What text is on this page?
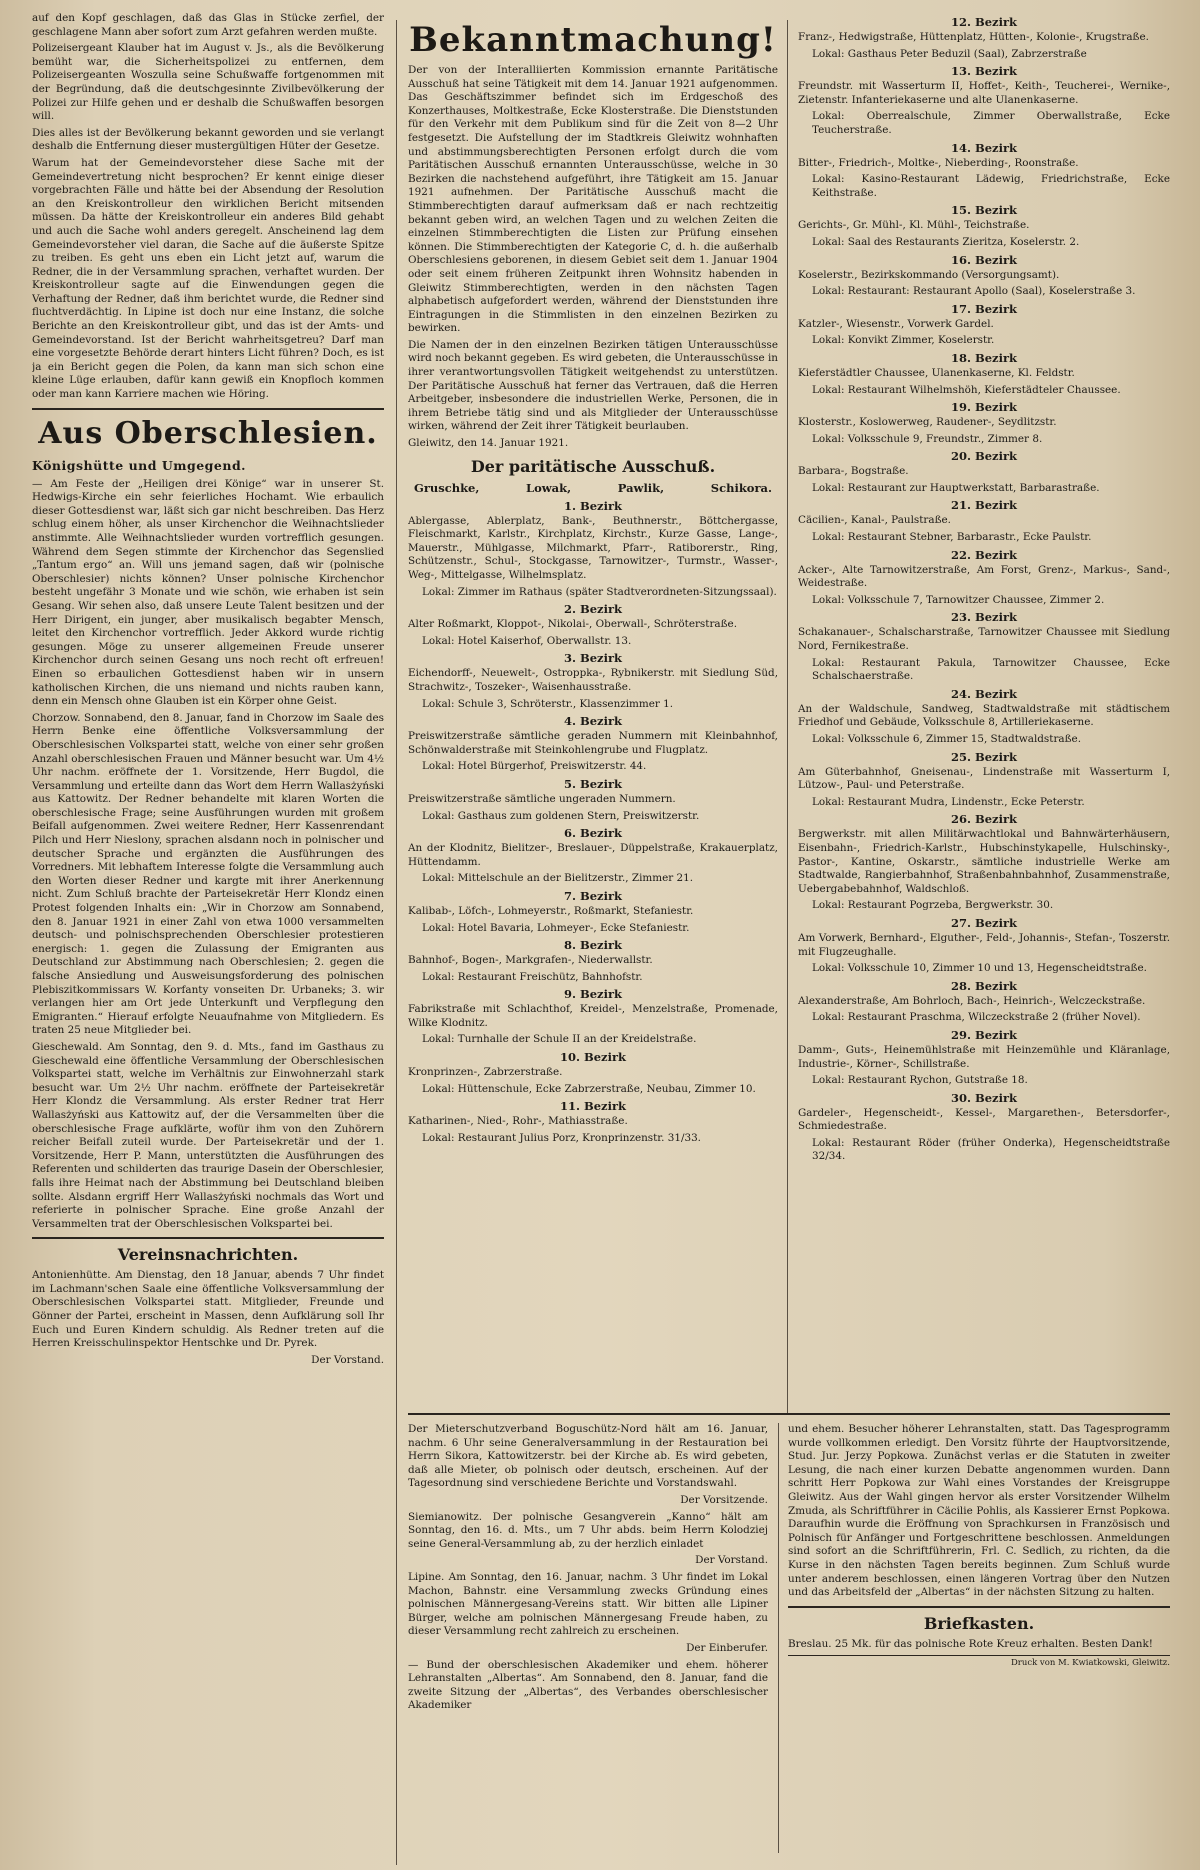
auf den Kopf geschlagen, daß das Glas in Stücke zerfiel, der geschlagene Mann aber sofort zum Arzt gefahren werden mußte.

Polizeisergeant Klauber hat im August v. Js., als die Bevölkerung bemüht war, die Sicherheitspolizei zu entfernen, dem Polizeisergeanten Woszulla seine Schußwaffe fortgenommen mit der Begründung, daß die deutschgesinnte Zivilbevölkerung der Polizei zur Hilfe gehen und er deshalb die Schußwaffen besorgen will.

Dies alles ist der Bevölkerung bekannt geworden und sie verlangt deshalb die Entfernung dieser mustergültigen Hüter der Gesetze.

Warum hat der Gemeindevorsteher diese Sache mit der Gemeindevertretung nicht besprochen? Er kennt einige dieser vorgebrachten Fälle und hätte bei der Absendung der Resolution an den Kreiskontrolleur den wirklichen Bericht mitsenden müssen. Da hätte der Kreiskontrolleur ein anderes Bild gehabt und auch die Sache wohl anders geregelt. Anscheinend lag dem Gemeindevorsteher viel daran, die Sache auf die äußerste Spitze zu treiben. Es geht uns eben ein Licht jetzt auf, warum die Redner, die in der Versammlung sprachen, verhaftet wurden. Der Kreiskontrolleur sagte auf die Einwendungen gegen die Verhaftung der Redner, daß ihm berichtet wurde, die Redner sind fluchtverdächtig. In Lipine ist doch nur eine Instanz, die solche Berichte an den Kreiskontrolleur gibt, und das ist der Amts- und Gemeindevorstand. Ist der Bericht wahrheitsgetreu? Darf man eine vorgesetzte Behörde derart hinters Licht führen? Doch, es ist ja ein Bericht gegen die Polen, da kann man sich schon eine kleine Lüge erlauben, dafür kann gewiß ein Knopfloch kommen oder man kann Karriere machen wie Höring.

Aus Oberschlesien.
Königshütte und Umgegend.

— Am Feste der „Heiligen drei Könige“ war in unserer St. Hedwigs-Kirche ein sehr feierliches Hochamt. Wie erbaulich dieser Gottesdienst war, läßt sich gar nicht beschreiben. Das Herz schlug einem höher, als unser Kirchenchor die Weihnachtslieder anstimmte. Alle Weihnachtslieder wurden vortrefflich gesungen. Während dem Segen stimmte der Kirchenchor das Segenslied „Tantum ergo“ an. Will uns jemand sagen, daß wir (polnische Oberschlesier) nichts können? Unser polnische Kirchenchor besteht ungefähr 3 Monate und wie schön, wie erhaben ist sein Gesang. Wir sehen also, daß unsere Leute Talent besitzen und der Herr Dirigent, ein junger, aber musikalisch begabter Mensch, leitet den Kirchenchor vortrefflich. Jeder Akkord wurde richtig gesungen. Möge zu unserer allgemeinen Freude unserer Kirchenchor durch seinen Gesang uns noch recht oft erfreuen! Einen so erbaulichen Gottesdienst haben wir in unsern katholischen Kirchen, die uns niemand und nichts rauben kann, denn ein Mensch ohne Glauben ist ein Körper ohne Geist.

Chorzow. Sonnabend, den 8. Januar, fand in Chorzow im Saale des Herrn Benke eine öffentliche Volksversammlung der Oberschlesischen Volkspartei statt, welche von einer sehr großen Anzahl oberschlesischen Frauen und Männer besucht war. Um 4½ Uhr nachm. eröffnete der 1. Vorsitzende, Herr Bugdol, die Versammlung und erteilte dann das Wort dem Herrn Wallasżyński aus Kattowitz. Der Redner behandelte mit klaren Worten die oberschlesische Frage; seine Ausführungen wurden mit großem Beifall aufgenommen. Zwei weitere Redner, Herr Kassenrendant Pilch und Herr Nieslony, sprachen alsdann noch in polnischer und deutscher Sprache und ergänzten die Ausführungen des Vorredners. Mit lebhaftem Interesse folgte die Versammlung auch den Worten dieser Redner und kargte mit ihrer Anerkennung nicht. Zum Schluß brachte der Parteisekretär Herr Klondz einen Protest folgenden Inhalts ein: „Wir in Chorzow am Sonnabend, den 8. Januar 1921 in einer Zahl von etwa 1000 versammelten deutsch- und polnischsprechenden Oberschlesier protestieren energisch: 1. gegen die Zulassung der Emigranten aus Deutschland zur Abstimmung nach Oberschlesien; 2. gegen die falsche Ansiedlung und Ausweisungsforderung des polnischen Plebiszitkommissars W. Korfanty vonseiten Dr. Urbaneks; 3. wir verlangen hier am Ort jede Unterkunft und Verpflegung den Emigranten.“ Hierauf erfolgte Neuaufnahme von Mitgliedern. Es traten 25 neue Mitglieder bei.

Gieschewald. Am Sonntag, den 9. d. Mts., fand im Gasthaus zu Gieschewald eine öffentliche Versammlung der Oberschlesischen Volkspartei statt, welche im Verhältnis zur Einwohnerzahl stark besucht war. Um 2½ Uhr nachm. eröffnete der Parteisekretär Herr Klondz die Versammlung. Als erster Redner trat Herr Wallasżyński aus Kattowitz auf, der die Versammelten über die oberschlesische Frage aufklärte, wofür ihm von den Zuhörern reicher Beifall zuteil wurde. Der Parteisekretär und der 1. Vorsitzende, Herr P. Mann, unterstützten die Ausführungen des Referenten und schilderten das traurige Dasein der Oberschlesier, falls ihre Heimat nach der Abstimmung bei Deutschland bleiben sollte. Alsdann ergriff Herr Wallasżyński nochmals das Wort und referierte in polnischer Sprache. Eine große Anzahl der Versammelten trat der Oberschlesischen Volkspartei bei.

Vereinsnachrichten.

Antonienhütte. Am Dienstag, den 18 Januar, abends 7 Uhr findet im Lachmann'schen Saale eine öffentliche Volksversammlung der Oberschlesischen Volkspartei statt. Mitglieder, Freunde und Gönner der Partei, erscheint in Massen, denn Aufklärung soll Ihr Euch und Euren Kindern schuldig. Als Redner treten auf die Herren Kreisschulinspektor Hentschke und Dr. Pyrek.

Der Vorstand.

Bekanntmachung!

Der von der Interalliierten Kommission ernannte Paritätische Ausschuß hat seine Tätigkeit mit dem 14. Januar 1921 aufgenommen. Das Geschäftszimmer befindet sich im Erdgeschoß des Konzerthauses, Moltkestraße, Ecke Klosterstraße. Die Dienststunden für den Verkehr mit dem Publikum sind für die Zeit von 8—2 Uhr festgesetzt. Die Aufstellung der im Stadtkreis Gleiwitz wohnhaften und abstimmungsberechtigten Personen erfolgt durch die vom Paritätischen Ausschuß ernannten Unterausschüsse, welche in 30 Bezirken die nachstehend aufgeführt, ihre Tätigkeit am 15. Januar 1921 aufnehmen. Der Paritätische Ausschuß macht die Stimmberechtigten darauf aufmerksam daß er nach rechtzeitig bekannt geben wird, an welchen Tagen und zu welchen Zeiten die einzelnen Stimmberechtigten die Listen zur Prüfung einsehen können. Die Stimmberechtigten der Kategorie C, d. h. die außerhalb Oberschlesiens geborenen, in diesem Gebiet seit dem 1. Januar 1904 oder seit einem früheren Zeitpunkt ihren Wohnsitz habenden in Gleiwitz Stimmberechtigten, werden in den nächsten Tagen alphabetisch aufgefordert werden, während der Dienststunden ihre Eintragungen in die Stimmlisten in den einzelnen Bezirken zu bewirken.

Die Namen der in den einzelnen Bezirken tätigen Unterausschüsse wird noch bekannt gegeben. Es wird gebeten, die Unterausschüsse in ihrer verantwortungsvollen Tätigkeit weitgehendst zu unterstützen. Der Paritätische Ausschuß hat ferner das Vertrauen, daß die Herren Arbeitgeber, insbesondere die industriellen Werke, Personen, die in ihrem Betriebe tätig sind und als Mitglieder der Unterausschüsse wirken, während der Zeit ihrer Tätigkeit beurlauben.

Gleiwitz, den 14. Januar 1921.

Der paritätische Ausschuß.
Gruschke,	Lowak,	Pawlik,	Schikora.
1. Bezirk

Ablergasse, Ablerplatz, Bank-, Beuthnerstr., Böttchergasse, Fleischmarkt, Karlstr., Kirchplatz, Kirchstr., Kurze Gasse, Lange-, Mauerstr., Mühlgasse, Milchmarkt, Pfarr-, Ratiborerstr., Ring, Schützenstr., Schul-, Stockgasse, Tarnowitzer-, Turmstr., Wasser-, Weg-, Mittelgasse, Wilhelmsplatz.

Lokal: Zimmer im Rathaus (später Stadtverordneten-Sitzungssaal).

2. Bezirk

Alter Roßmarkt, Kloppot-, Nikolai-, Oberwall-, Schröterstraße.

Lokal: Hotel Kaiserhof, Oberwallstr. 13.

3. Bezirk

Eichendorff-, Neuewelt-, Ostroppka-, Rybnikerstr. mit Siedlung Süd, Strachwitz-, Toszeker-, Waisenhausstraße.

Lokal: Schule 3, Schröterstr., Klassenzimmer 1.

4. Bezirk

Preiswitzerstraße sämtliche geraden Nummern mit Kleinbahnhof, Schönwalderstraße mit Steinkohlengrube und Flugplatz.

Lokal: Hotel Bürgerhof, Preiswitzerstr. 44.

5. Bezirk

Preiswitzerstraße sämtliche ungeraden Nummern.

Lokal: Gasthaus zum goldenen Stern, Preiswitzerstr.

6. Bezirk

An der Klodnitz, Bielitzer-, Breslauer-, Düppelstraße, Krakauerplatz, Hüttendamm.

Lokal: Mittelschule an der Bielitzerstr., Zimmer 21.

7. Bezirk

Kalibab-, Löfch-, Lohmeyerstr., Roßmarkt, Stefaniestr.

Lokal: Hotel Bavaria, Lohmeyer-, Ecke Stefaniestr.

8. Bezirk

Bahnhof-, Bogen-, Markgrafen-, Niederwallstr.

Lokal: Restaurant Freischütz, Bahnhofstr.

9. Bezirk

Fabrikstraße mit Schlachthof, Kreidel-, Menzelstraße, Promenade, Wilke Klodnitz.

Lokal: Turnhalle der Schule II an der Kreidelstraße.

10. Bezirk

Kronprinzen-, Zabrzerstraße.

Lokal: Hüttenschule, Ecke Zabrzerstraße, Neubau, Zimmer 10.

11. Bezirk

Katharinen-, Nied-, Rohr-, Mathiasstraße.

Lokal: Restaurant Julius Porz, Kronprinzenstr. 31/33.

12. Bezirk

Franz-, Hedwigstraße, Hüttenplatz, Hütten-, Kolonie-, Krugstraße.

Lokal: Gasthaus Peter Beduzil (Saal), Zabrzerstraße

13. Bezirk

Freundstr. mit Wasserturm II, Hoffet-, Keith-, Teucherei-, Wernike-, Zietenstr. Infanteriekaserne und alte Ulanenkaserne.

Lokal: Oberrealschule, Zimmer Oberwallstraße, Ecke Teucherstraße.

14. Bezirk

Bitter-, Friedrich-, Moltke-, Nieberding-, Roonstraße.

Lokal: Kasino-Restaurant Lädewig, Friedrichstraße, Ecke Keithstraße.

15. Bezirk

Gerichts-, Gr. Mühl-, Kl. Mühl-, Teichstraße.

Lokal: Saal des Restaurants Zieritza, Koselerstr. 2.

16. Bezirk

Koselerstr., Bezirkskommando (Versorgungsamt).

Lokal: Restaurant: Restaurant Apollo (Saal), Koselerstraße 3.

17. Bezirk

Katzler-, Wiesenstr., Vorwerk Gardel.

Lokal: Konvikt Zimmer, Koselerstr.

18. Bezirk

Kieferstädtler Chaussee, Ulanenkaserne, Kl. Feldstr.

Lokal: Restaurant Wilhelmshöh, Kieferstädteler Chaussee.

19. Bezirk

Klosterstr., Koslowerweg, Raudener-, Seydlitzstr.

Lokal: Volksschule 9, Freundstr., Zimmer 8.

20. Bezirk

Barbara-, Bogstraße.

Lokal: Restaurant zur Hauptwerkstatt, Barbarastraße.

21. Bezirk

Cäcilien-, Kanal-, Paulstraße.

Lokal: Restaurant Stebner, Barbarastr., Ecke Paulstr.

22. Bezirk

Acker-, Alte Tarnowitzerstraße, Am Forst, Grenz-, Markus-, Sand-, Weidestraße.

Lokal: Volksschule 7, Tarnowitzer Chaussee, Zimmer 2.

23. Bezirk

Schakanauer-, Schalscharstraße, Tarnowitzer Chaussee mit Siedlung Nord, Fernikestraße.

Lokal: Restaurant Pakula, Tarnowitzer Chaussee, Ecke Schalschaerstraße.

24. Bezirk

An der Waldschule, Sandweg, Stadtwaldstraße mit städtischem Friedhof und Gebäude, Volksschule 8, Artilleriekaserne.

Lokal: Volksschule 6, Zimmer 15, Stadtwaldstraße.

25. Bezirk

Am Güterbahnhof, Gneisenau-, Lindenstraße mit Wasserturm I, Lützow-, Paul- und Peterstraße.

Lokal: Restaurant Mudra, Lindenstr., Ecke Peterstr.

26. Bezirk

Bergwerkstr. mit allen Militärwachtlokal und Bahnwärterhäusern, Eisenbahn-, Friedrich-Karlstr., Hubschinstykapelle, Hulschinsky-, Pastor-, Kantine, Oskarstr., sämtliche industrielle Werke am Stadtwalde, Rangierbahnhof, Straßenbahnbahnhof, Zusammenstraße, Uebergabebahnhof, Waldschloß.

Lokal: Restaurant Pogrzeba, Bergwerkstr. 30.

27. Bezirk

Am Vorwerk, Bernhard-, Elguther-, Feld-, Johannis-, Stefan-, Toszerstr. mit Flugzeughalle.

Lokal: Volksschule 10, Zimmer 10 und 13, Hegenscheidtstraße.

28. Bezirk

Alexanderstraße, Am Bohrloch, Bach-, Heinrich-, Welczeckstraße.

Lokal: Restaurant Praschma, Wilczeckstraße 2 (früher Novel).

29. Bezirk

Damm-, Guts-, Heinemühlstraße mit Heinzemühle und Kläranlage, Industrie-, Körner-, Schillstraße.

Lokal: Restaurant Rychon, Gutstraße 18.

30. Bezirk

Gardeler-, Hegenscheidt-, Kessel-, Margarethen-, Betersdorfer-, Schmiedestraße.

Lokal: Restaurant Röder (früher Onderka), Hegenscheidtstraße 32/34.

Der Mieterschutzverband Boguschütz-Nord hält am 16. Januar, nachm. 6 Uhr seine Generalversammlung in der Restauration bei Herrn Sikora, Kattowitzerstr. bei der Kirche ab. Es wird gebeten, daß alle Mieter, ob polnisch oder deutsch, erscheinen. Auf der Tagesordnung sind verschiedene Berichte und Vorstandswahl.

Der Vorsitzende.

Siemianowitz. Der polnische Gesangverein „Kanno“ hält am Sonntag, den 16. d. Mts., um 7 Uhr abds. beim Herrn Kolodziej seine General-Versammlung ab, zu der herzlich einladet

Der Vorstand.

Lipine. Am Sonntag, den 16. Januar, nachm. 3 Uhr findet im Lokal Machon, Bahnstr. eine Versammlung zwecks Gründung eines polnischen Männergesang-Vereins statt. Wir bitten alle Lipiner Bürger, welche am polnischen Männergesang Freude haben, zu dieser Versammlung recht zahlreich zu erscheinen.

Der Einberufer.

— Bund der oberschlesischen Akademiker und ehem. höherer Lehranstalten „Albertas“. Am Sonnabend, den 8. Januar, fand die zweite Sitzung der „Albertas“, des Verbandes oberschlesischer Akademiker

und ehem. Besucher höherer Lehranstalten, statt. Das Tagesprogramm wurde vollkommen erledigt. Den Vorsitz führte der Hauptvorsitzende, Stud. Jur. Jerzy Popkowa. Zunächst verlas er die Statuten in zweiter Lesung, die nach einer kurzen Debatte angenommen wurden. Dann schritt Herr Popkowa zur Wahl eines Vorstandes der Kreisgruppe Gleiwitz. Aus der Wahl gingen hervor als erster Vorsitzender Wilhelm Zmuda, als Schriftführer in Cäcilie Pohlis, als Kassierer Ernst Popkowa. Daraufhin wurde die Eröffnung von Sprachkursen in Französisch und Polnisch für Anfänger und Fortgeschrittene beschlossen. Anmeldungen sind sofort an die Schriftführerin, Frl. C. Sedlich, zu richten, da die Kurse in den nächsten Tagen bereits beginnen. Zum Schluß wurde unter anderem beschlossen, einen längeren Vortrag über den Nutzen und das Arbeitsfeld der „Albertas“ in der nächsten Sitzung zu halten.

Briefkasten.

Breslau. 25 Mk. für das polnische Rote Kreuz erhalten. Besten Dank!

Druck von M. Kwiatkowski, Gleiwitz.
